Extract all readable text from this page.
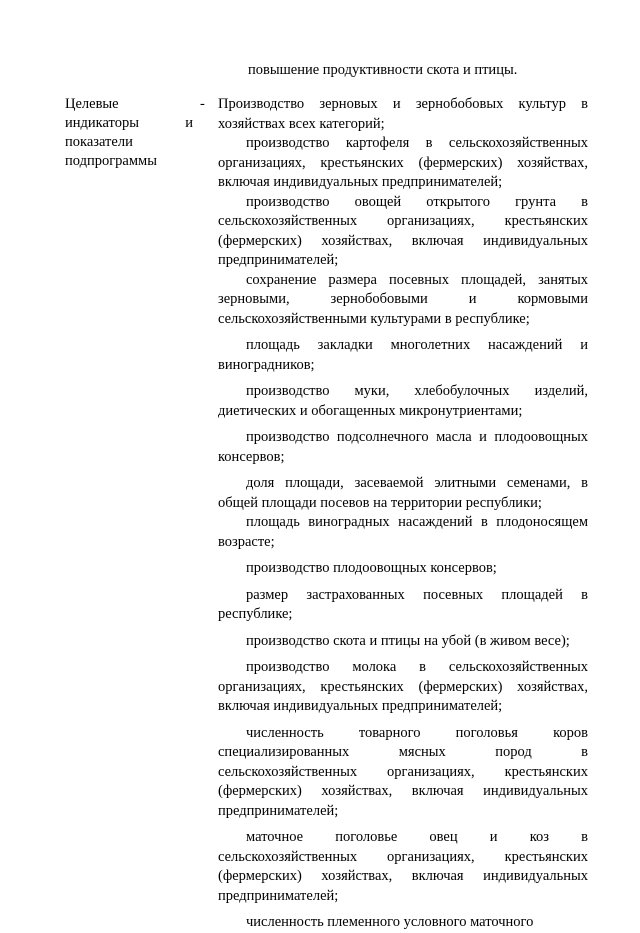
повышение продуктивности скота и птицы.
Целевые
индикаторы	и
показатели
подпрограммы
- Производство зерновых и зернобобовых культур в хозяйствах всех категорий;

производство картофеля в сельскохозяйственных организациях, крестьянских (фермерских) хозяйствах, включая индивидуальных предпринимателей;

производство овощей открытого грунта в сельскохозяйственных организациях, крестьянских (фермерских) хозяйствах, включая индивидуальных предпринимателей;

сохранение размера посевных площадей, занятых зерновыми, зернобобовыми и кормовыми сельскохозяйственными культурами в республике;

площадь закладки многолетних насаждений и виноградников;

производство муки, хлебобулочных изделий, диетических и обогащенных микронутриентами;

производство подсолнечного масла и плодоовощных консервов;

доля площади, засеваемой элитными семенами, в общей площади посевов на территории республики;

площадь виноградных насаждений в плодоносящем возрасте;

производство плодоовощных консервов;

размер застрахованных посевных площадей в республике;

производство скота и птицы на убой (в живом весе);

производство молока в сельскохозяйственных организациях, крестьянских (фермерских) хозяйствах, включая индивидуальных предпринимателей;

численность товарного поголовья коров специализированных мясных пород в сельскохозяйственных организациях, крестьянских (фермерских) хозяйствах, включая индивидуальных предпринимателей;

маточное поголовье овец и коз в сельскохозяйственных организациях, крестьянских (фермерских) хозяйствах, включая индивидуальных предпринимателей;

численность племенного условного маточного
